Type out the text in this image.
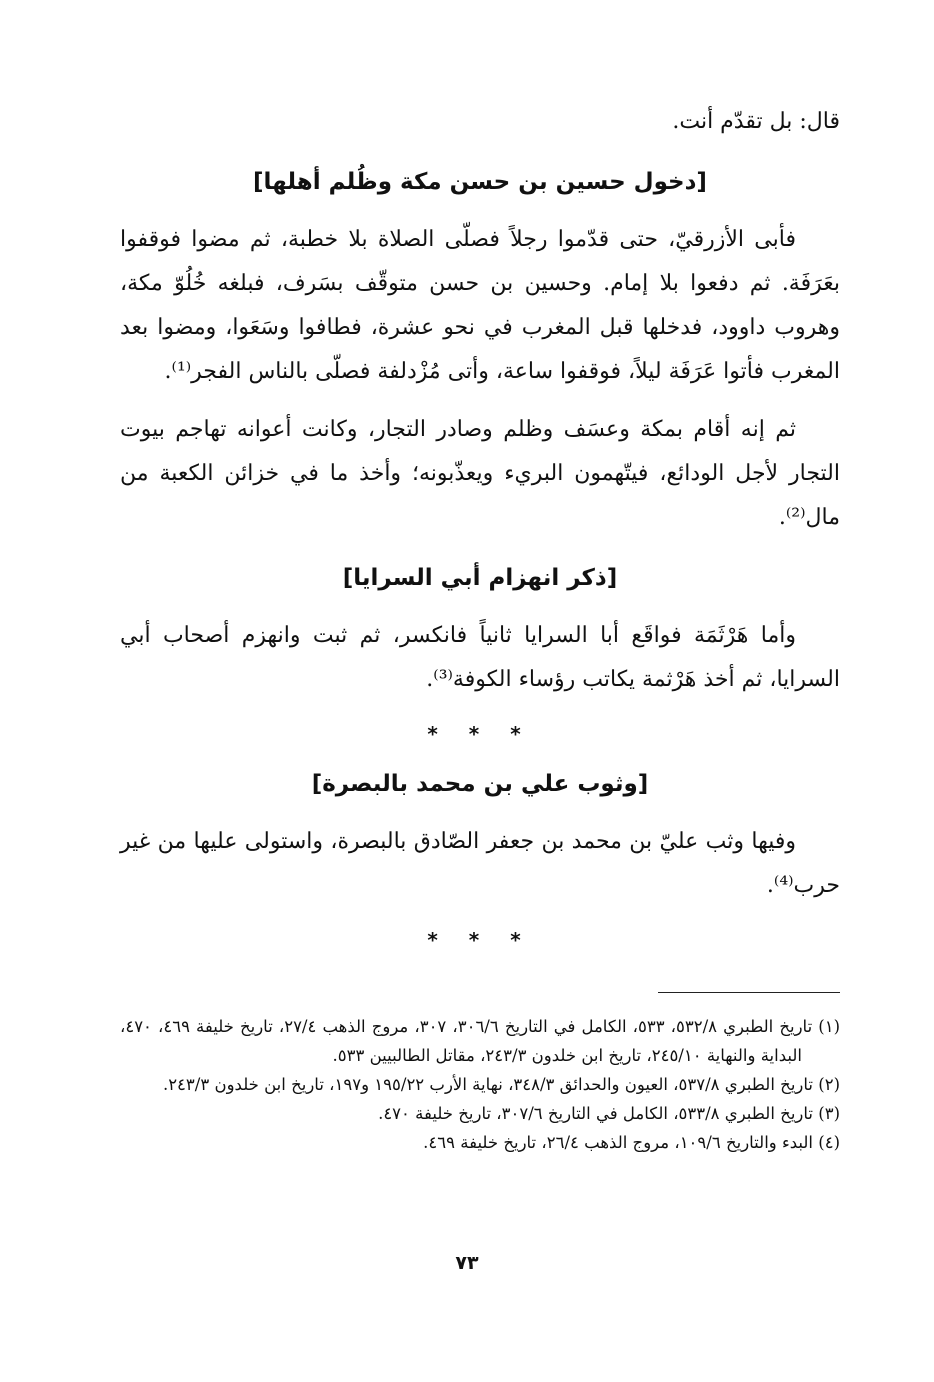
قال: بل تقدّم أنت.

[دخول حسين بن حسن مكة وظُلم أهلها]

فأبى الأزرقيّ، حتى قدّموا رجلاً فصلّى الصلاة بلا خطبة، ثم مضوا فوقفوا بعَرَفَة. ثم دفعوا بلا إمام. وحسين بن حسن متوقّف بسَرف، فبلغه خُلُوّ مكة، وهروب داوود، فدخلها قبل المغرب في نحو عشرة، فطافوا وسَعَوا، ومضوا بعد المغرب فأتوا عَرَفَة ليلاً، فوقفوا ساعة، وأتى مُزْدلفة فصلّى بالناس الفجر⁽¹⁾.

ثم إنه أقام بمكة وعسَف وظلم وصادر التجار، وكانت أعوانه تهاجم بيوت التجار لأجل الودائع، فيتّهمون البريء ويعذّبونه؛ وأخذ ما في خزائن الكعبة من مال⁽²⁾.

[ذكر انهزام أبي السرايا]

وأما هَرْثَمَة فواقَع أبا السرايا ثانياً فانكسر، ثم ثبت وانهزم أصحاب أبي السرايا، ثم أخذ هَرْثمة يكاتب رؤساء الكوفة⁽³⁾.

* * *
[وثوب علي بن محمد بالبصرة]

وفيها وثب عليّ بن محمد بن جعفر الصّادق بالبصرة، واستولى عليها من غير حرب⁽⁴⁾.

* * *

(١) تاريخ الطبري ٥٣٢/٨، ٥٣٣، الكامل في التاريخ ٣٠٦/٦، ٣٠٧، مروج الذهب ٢٧/٤، تاريخ خليفة ٤٦٩، ٤٧٠، البداية والنهاية ٢٤٥/١٠، تاريخ ابن خلدون ٢٤٣/٣، مقاتل الطالبيين ٥٣٣.

(٢) تاريخ الطبري ٥٣٧/٨، العيون والحدائق ٣٤٨/٣، نهاية الأرب ١٩٥/٢٢ و١٩٧، تاريخ ابن خلدون ٢٤٣/٣.

(٣) تاريخ الطبري ٥٣٣/٨، الكامل في التاريخ ٣٠٧/٦، تاريخ خليفة ٤٧٠.

(٤) البدء والتاريخ ١٠٩/٦، مروج الذهب ٢٦/٤، تاريخ خليفة ٤٦٩.

٧٣
